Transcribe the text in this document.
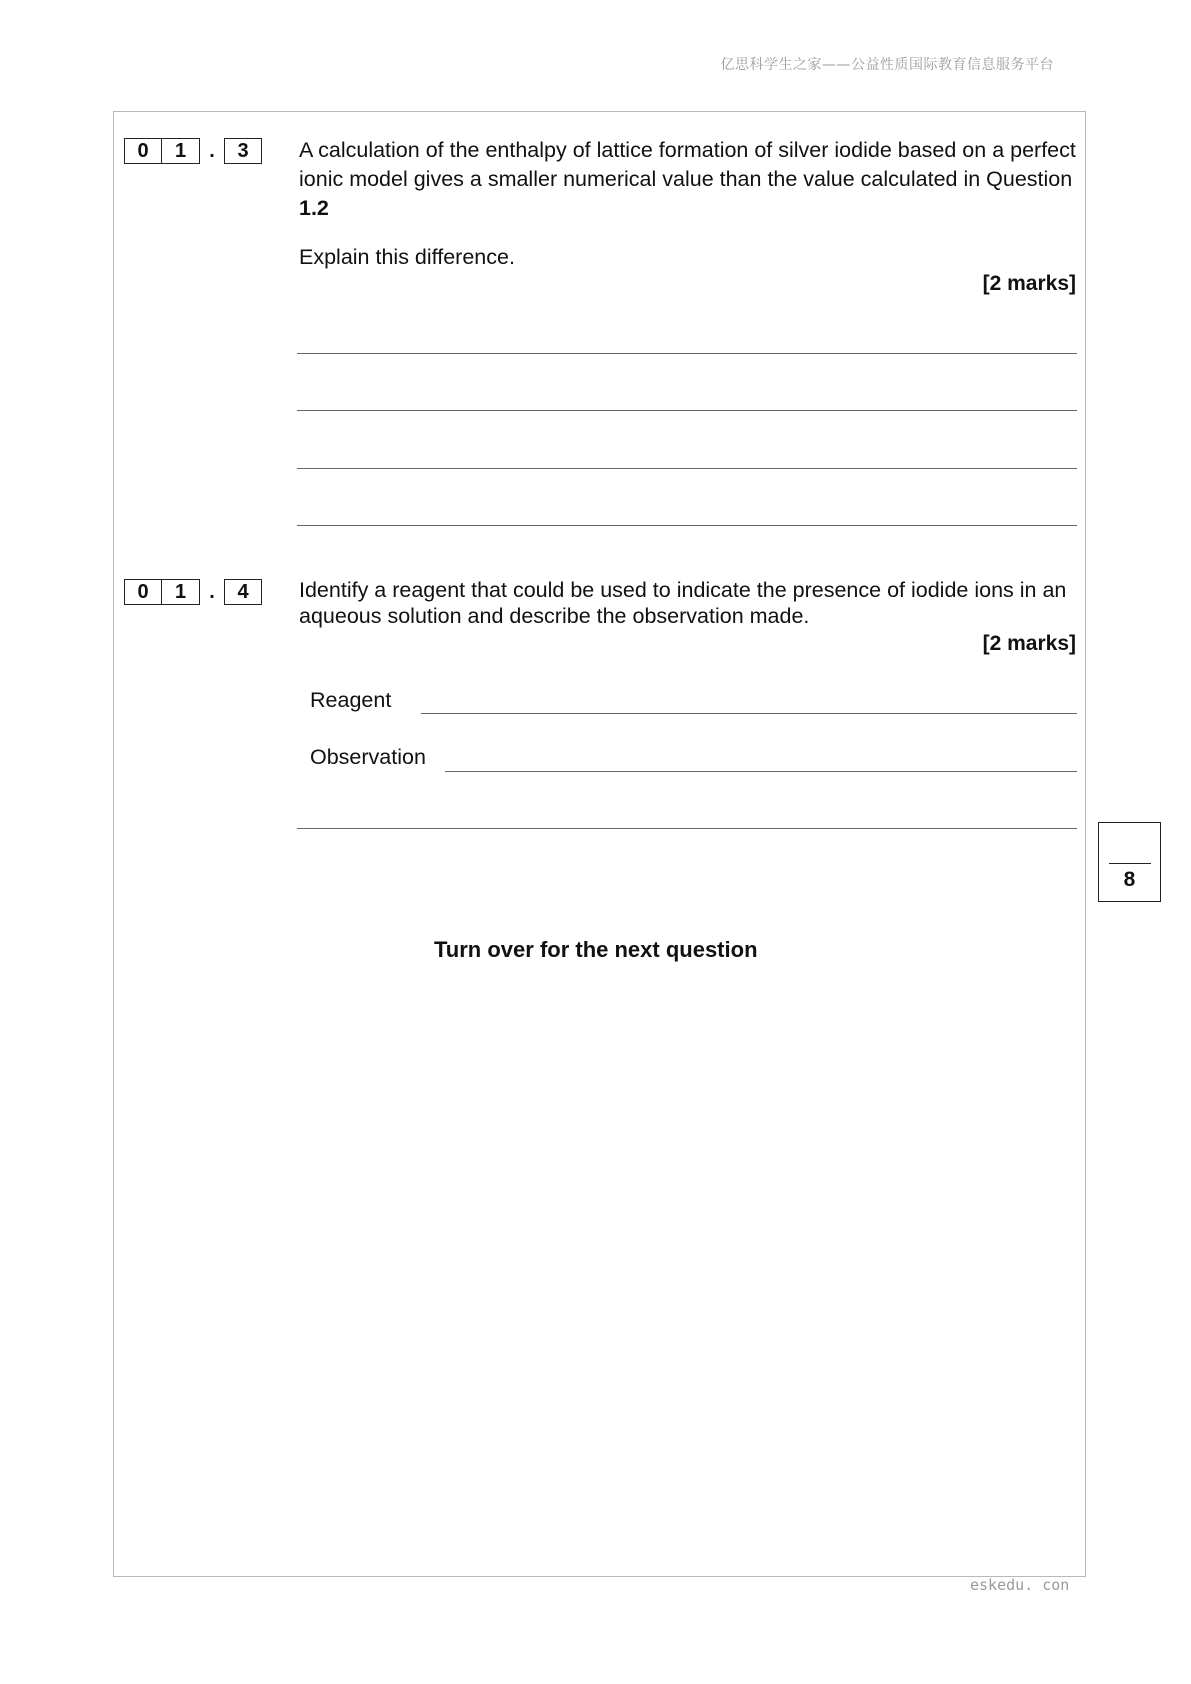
亿思科学生之家——公益性质国际教育信息服务平台
0	1	.	3	A calculation of the enthalpy of lattice formation of silver iodide based on a perfect ionic model gives a smaller numerical value than the value calculated in Question 1.2
Explain this difference.
[2 marks]
0	1	.	4	Identify a reagent that could be used to indicate the presence of iodide ions in an aqueous solution and describe the observation made.
[2 marks]
Reagent
Observation
8
Turn over for the next question
eskedu. con
